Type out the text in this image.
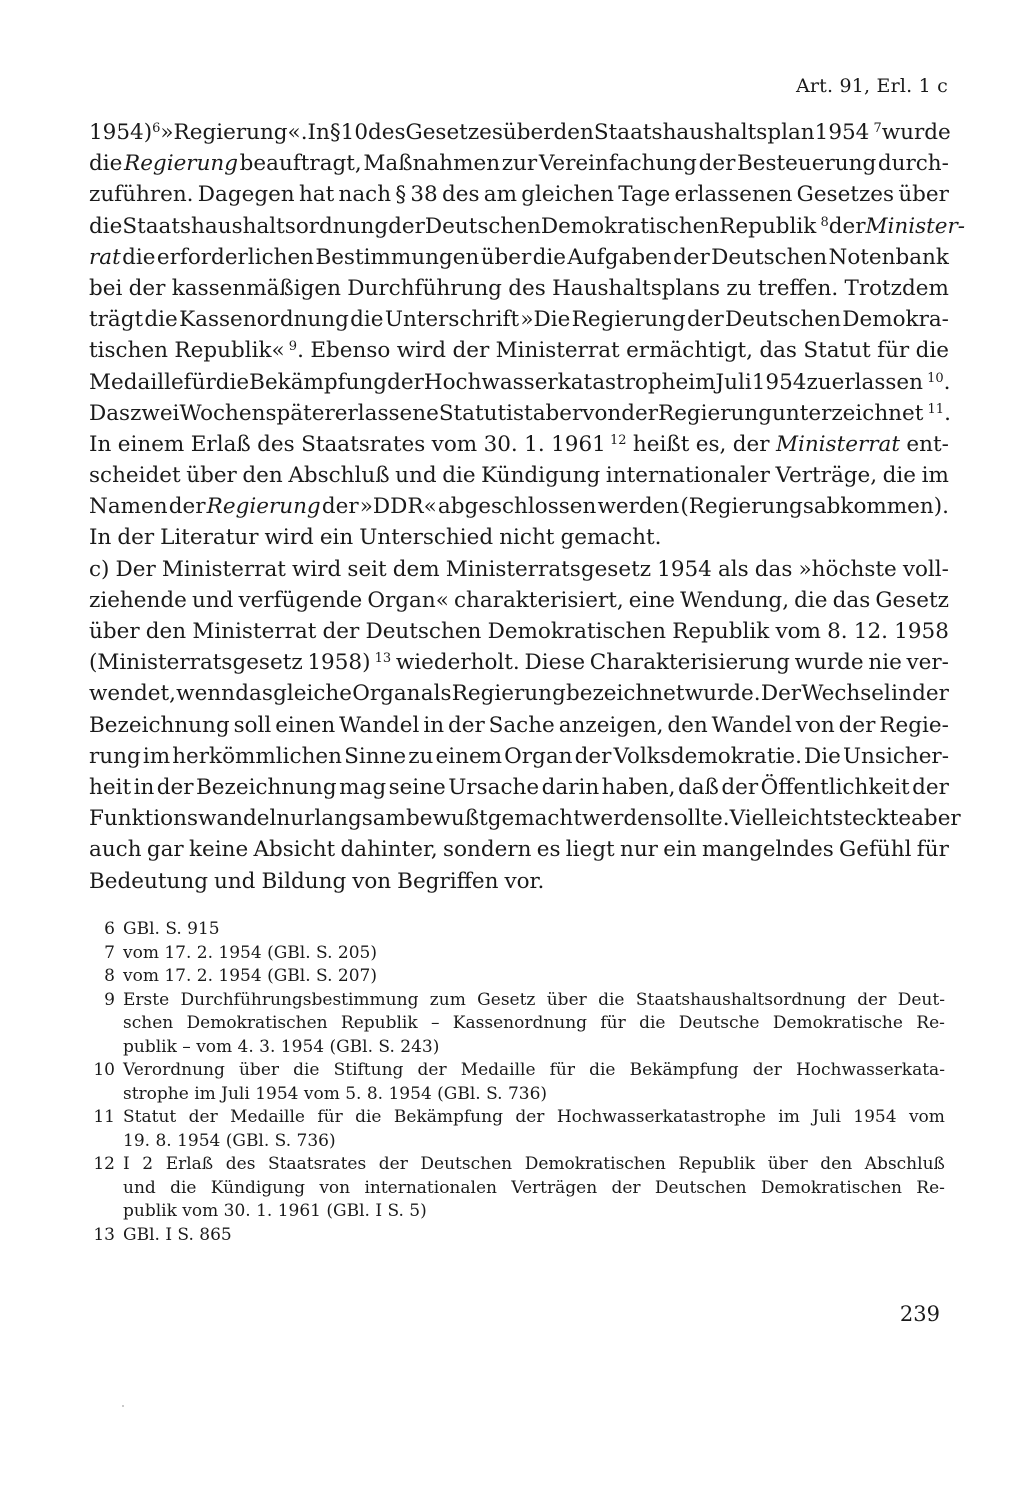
Art. 91, Erl. 1 c
1954) $^6$ »Regierung«. In § 10 des Gesetzes über den Staatshaushaltsplan 1954 $^7$ wurde
die Regierung beauftragt, Maßnahmen zur Vereinfachung der Besteuerung durch-
zuführen. Dagegen hat nach § 38 des am gleichen Tage erlassenen Gesetzes über
die Staatshaushaltsordnung der Deutschen Demokratischen Republik $^8$ der Minister-
rat die erforderlichen Bestimmungen über die Aufgaben der Deutschen Notenbank
bei der kassenmäßigen Durchführung des Haushaltsplans zu treffen. Trotzdem
trägt die Kassenordnung die Unterschrift »Die Regierung der Deutschen Demokra-
tischen Republik« $^9$. Ebenso wird der Ministerrat ermächtigt, das Statut für die
Medaille für die Bekämpfung der Hochwasserkatastrophe im Juli 1954 zu erlassen $^{10}$.
Das zwei Wochen später erlassene Statut ist aber von der Regierung unterzeichnet $^{11}$.
In einem Erlaß des Staatsrates vom 30. 1. 1961 $^{12}$ heißt es, der Ministerrat ent-
scheidet über den Abschluß und die Kündigung internationaler Verträge, die im
Namen der Regierung der »DDR« abgeschlossen werden (Regierungsabkommen).
In der Literatur wird ein Unterschied nicht gemacht.
c) Der Ministerrat wird seit dem Ministerratsgesetz 1954 als das »höchste voll-
ziehende und verfügende Organ« charakterisiert, eine Wendung, die das Gesetz
über den Ministerrat der Deutschen Demokratischen Republik vom 8. 12. 1958
(Ministerratsgesetz 1958) $^{13}$ wiederholt. Diese Charakterisierung wurde nie ver-
wendet, wenn das gleiche Organ als Regierung bezeichnet wurde. Der Wechsel in der
Bezeichnung soll einen Wandel in der Sache anzeigen, den Wandel von der Regie-
rung im herkömmlichen Sinne zu einem Organ der Volksdemokratie. Die Unsicher-
heit in der Bezeichnung mag seine Ursache darin haben, daß der Öffentlichkeit der
Funktionswandel nur langsam bewußt gemacht werden sollte. Vielleicht steckte aber
auch gar keine Absicht dahinter, sondern es liegt nur ein mangelndes Gefühl für
Bedeutung und Bildung von Begriffen vor.
6 GBl. S. 915
7 vom 17. 2. 1954 (GBl. S. 205)
8 vom 17. 2. 1954 (GBl. S. 207)
9 Erste Durchführungsbestimmung zum Gesetz über die Staatshaushaltsordnung der Deut-
schen Demokratischen Republik – Kassenordnung für die Deutsche Demokratische Re-
publik – vom 4. 3. 1954 (GBl. S. 243)
10 Verordnung über die Stiftung der Medaille für die Bekämpfung der Hochwasserkata-
strophe im Juli 1954 vom 5. 8. 1954 (GBl. S. 736)
11 Statut der Medaille für die Bekämpfung der Hochwasserkatastrophe im Juli 1954 vom
19. 8. 1954 (GBl. S. 736)
12 I 2 Erlaß des Staatsrates der Deutschen Demokratischen Republik über den Abschluß
und die Kündigung von internationalen Verträgen der Deutschen Demokratischen Re-
publik vom 30. 1. 1961 (GBl. I S. 5)
13 GBl. I S. 865
239
